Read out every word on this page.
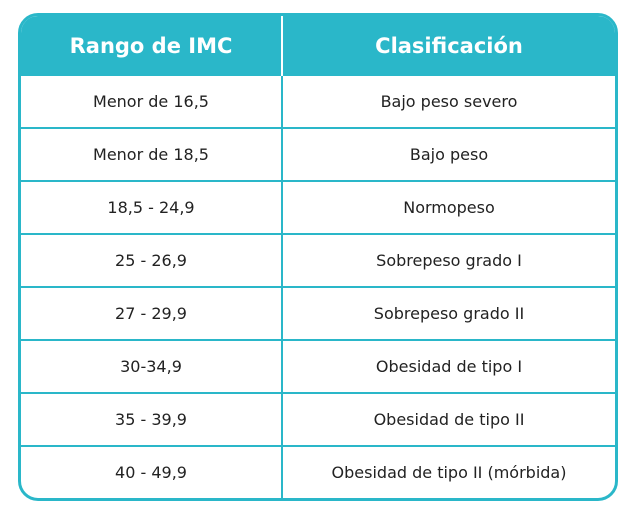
Rango de IMC	Clasificación
Menor de 16,5	Bajo peso severo
Menor de 18,5	Bajo peso
18,5 - 24,9	Normopeso
25 - 26,9	Sobrepeso grado I
27 - 29,9	Sobrepeso grado II
30-34,9	Obesidad de tipo I
35 - 39,9	Obesidad de tipo II
40 - 49,9	Obesidad de tipo II (mórbida)
